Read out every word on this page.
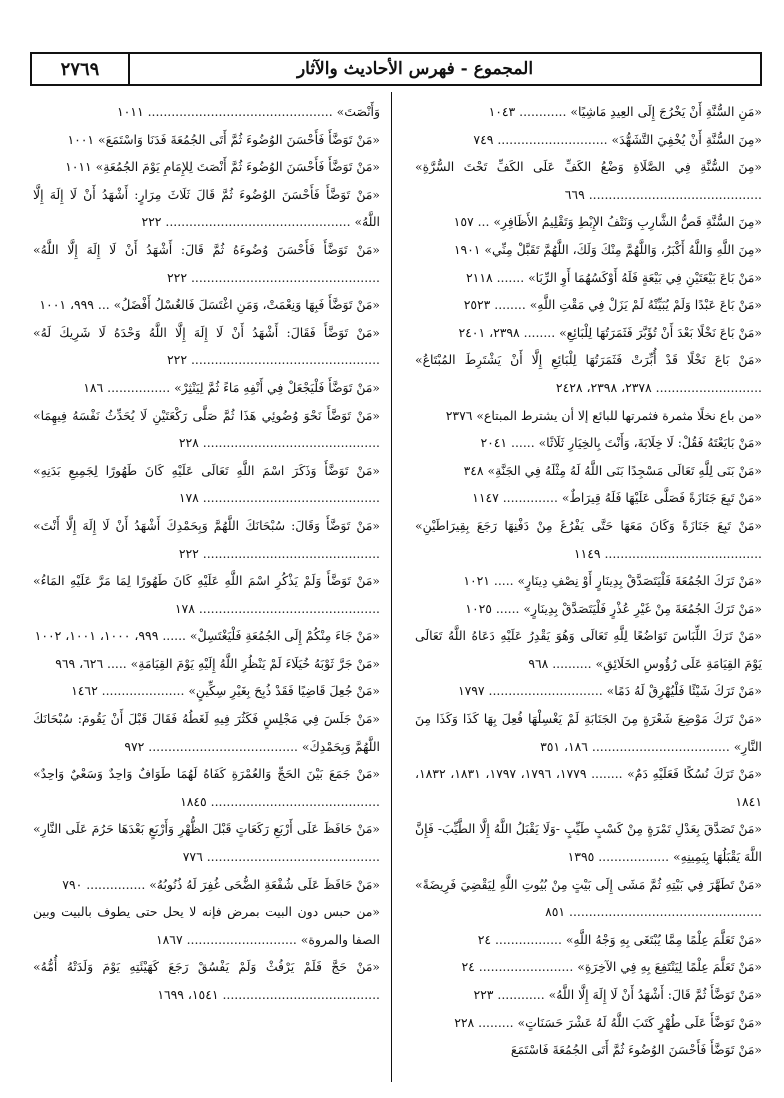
المجموع - فهرس الأحاديث والآثار
٢٧٦٩

«مَنِ السُّنَّةِ أَنْ يَخْرُجَ إِلَى العِيدِ مَاشِيًا» ............ ١٠٤٣

«مِنَ السُّنَّةِ أَنْ يُخْفِيَ التَّشَهُّدَ» ............................ ٧٤٩

«مِنَ السُّنَّةِ فِي الصَّلَاةِ وَضْعُ الكَفِّ عَلَى الكَفِّ تَحْتَ السُّرَّةِ» ............................................ ٦٦٩

«مِنَ السُّنَّةِ قَصُّ الشَّارِبِ وَنَتْفُ الإِبْطِ وَتَقْلِيمُ الأَظَافِرِ» ... ١٥٧

«مِنَ اللَّهِ وَاللَّهُ أَكْبَرُ، وَاللَّهُمَّ مِنْكَ وَلَكَ، اللَّهُمَّ تَقَبَّلْ مِنِّي» ١٩٠١

«مَنْ بَاعَ بَيْعَتَيْنِ فِي بَيْعَةٍ فَلَهُ أَوْكَسُهُمَا أَوِ الرِّبَا» ....... ٢١١٨

«مَنْ بَاعَ عَبْدًا وَلَمْ يُبَيِّنْهُ لَمْ يَزَلْ فِي مَقْتِ اللَّهِ» ........ ٢٥٢٣

«مَنْ بَاعَ نَخْلًا بَعْدَ أَنْ تُؤَبَّرَ فَثَمَرَتُهَا لِلْبَائِعِ» ........ ٢٣٩٨، ٢٤٠١

«مَنْ بَاعَ نَخْلًا قَدْ أُبِّرَتْ فَثَمَرَتُهَا لِلْبَائِعِ إِلَّا أَنْ يَشْتَرِطَ المُبْتَاعُ» ........................... ٢٣٧٨، ٢٣٩٨، ٢٤٢٨

«من باع نخلًا مثمرة فثمرتها للبائع إلا أن يشترط المبتاع» ٢٣٧٦

«مَنْ بَايَعْتَهُ فَقُلْ: لَا خِلَابَةَ، وَأَنْتَ بِالخِيَارِ ثَلَاثًا» ...... ٢٠٤١

«مَنْ بَنَى لِلَّهِ تَعَالَى مَسْجِدًا بَنَى اللَّهُ لَهُ مِثْلَهُ فِي الجَنَّةِ» ٣٤٨

«مَنْ تَبِعَ جَنَازَةً فَصَلَّى عَلَيْهَا فَلَهُ قِيرَاطٌ» .............. ١١٤٧

«مَنْ تَبِعَ جَنَازَةً وَكَانَ مَعَهَا حَتَّى يَفْرُغَ مِنْ دَفْنِهَا رَجَعَ بِقِيرَاطَيْنِ» ........................................ ١١٤٩

«مَنْ تَرَكَ الجُمُعَةَ فَلْيَتَصَدَّقْ بِدِينَارٍ أَوْ نِصْفِ دِينَارٍ» ..... ١٠٢١

«مَنْ تَرَكَ الجُمُعَةَ مِنْ غَيْرِ عُذْرٍ فَلْيَتَصَدَّقْ بِدِينَارٍ» ...... ١٠٢٥

«مَنْ تَرَكَ اللِّبَاسَ تَوَاضُعًا لِلَّهِ تَعَالَى وَهُوَ يَقْدِرُ عَلَيْهِ دَعَاهُ اللَّهُ تَعَالَى يَوْمَ القِيَامَةِ عَلَى رُؤُوسِ الخَلَائِقِ» .......... ٩٦٨

«مَنْ تَرَكَ شَيْئًا فَلْيُهْرِقْ لَهُ دَمًا» ............................. ١٧٩٧

«مَنْ تَرَكَ مَوْضِعَ شَعْرَةٍ مِنَ الجَنَابَةِ لَمْ يَغْسِلْهَا فُعِلَ بِهَا كَذَا وَكَذَا مِنَ النَّارِ» ................................... ١٨٦، ٣٥١

«مَنْ تَرَكَ نُسُكًا فَعَلَيْهِ دَمٌ» ........ ١٧٧٩، ١٧٩٦، ١٧٩٧، ١٨٣١، ١٨٣٢، ١٨٤١

«مَنْ تَصَدَّقَ بِعَدْلِ تَمْرَةٍ مِنْ كَسْبٍ طَيِّبٍ -وَلَا يَقْبَلُ اللَّهُ إِلَّا الطَّيِّبَ- فَإِنَّ اللَّهَ يَقْبَلُهَا بِيَمِينِهِ» .................. ١٣٩٥

«مَنْ تَطَهَّرَ فِي بَيْتِهِ ثُمَّ مَشَى إِلَى بَيْتٍ مِنْ بُيُوتِ اللَّهِ لِيَقْضِيَ فَرِيضَةً» ................................................. ٨٥١

«مَنْ تَعَلَّمَ عِلْمًا مِمَّا يُبْتَغَى بِهِ وَجْهُ اللَّهِ» ................. ٢٤

«مَنْ تَعَلَّمَ عِلْمًا لِيَنْتَفِعَ بِهِ فِي الآخِرَةِ» ........................ ٢٤

«مَنْ تَوَضَّأَ ثُمَّ قَالَ: أَشْهَدُ أَنْ لَا إِلَهَ إِلَّا اللَّهُ» ............ ٢٢٣

«مَنْ تَوَضَّأَ عَلَى طُهْرٍ كَتَبَ اللَّهُ لَهُ عَشْرَ حَسَنَاتٍ» ......... ٢٢٨

«مَنْ تَوَضَّأَ فَأَحْسَنَ الوُضُوءَ ثُمَّ أَتَى الجُمُعَةَ فَاسْتَمَعَ

وَأَنْصَتَ» ............................................... ١٠١١

«مَنْ تَوَضَّأَ فَأَحْسَنَ الوُضُوءَ ثُمَّ أَتَى الجُمُعَةَ فَدَنَا وَاسْتَمَعَ» ١٠٠١

«مَنْ تَوَضَّأَ فَأَحْسَنَ الوُضُوءَ ثُمَّ أَنْصَتَ لِلإِمَامِ يَوْمَ الجُمُعَةِ» ١٠١١

«مَنْ تَوَضَّأَ فَأَحْسَنَ الوُضُوءَ ثُمَّ قَالَ ثَلَاثَ مِرَارٍ: أَشْهَدُ أَنْ لَا إِلَهَ إِلَّا اللَّهُ» ............................................... ٢٢٢

«مَنْ تَوَضَّأَ فَأَحْسَنَ وُضُوءَهُ ثُمَّ قَالَ: أَشْهَدُ أَنْ لَا إِلَهَ إِلَّا اللَّهُ» ................................................ ٢٢٢

«مَنْ تَوَضَّأَ فَبِهَا وَنِعْمَتْ، وَمَنِ اغْتَسَلَ فَالغُسْلُ أَفْضَلُ» ... ٩٩٩، ١٠٠١

«مَنْ تَوَضَّأَ فَقَالَ: أَشْهَدُ أَنْ لَا إِلَهَ إِلَّا اللَّهُ وَحْدَهُ لَا شَرِيكَ لَهُ» ................................................ ٢٢٢

«مَنْ تَوَضَّأَ فَلْيَجْعَلْ فِي أَنْفِهِ مَاءً ثُمَّ لِيَنْثِرْ» ................ ١٨٦

«مَنْ تَوَضَّأَ نَحْوَ وُضُوئِي هَذَا ثُمَّ صَلَّى رَكْعَتَيْنِ لَا يُحَدِّثُ نَفْسَهُ فِيهِمَا» ............................................. ٢٢٨

«مَنْ تَوَضَّأَ وَذَكَرَ اسْمَ اللَّهِ تَعَالَى عَلَيْهِ كَانَ طَهُورًا لِجَمِيعِ بَدَنِهِ» ............................................. ١٧٨

«مَنْ تَوَضَّأَ وَقَالَ: سُبْحَانَكَ اللَّهُمَّ وَبِحَمْدِكَ أَشْهَدُ أَنْ لَا إِلَهَ إِلَّا أَنْتَ» ............................................. ٢٢٢

«مَنْ تَوَضَّأَ وَلَمْ يَذْكُرِ اسْمَ اللَّهِ عَلَيْهِ كَانَ طَهُورًا لِمَا مَرَّ عَلَيْهِ المَاءُ» .............................................. ١٧٨

«مَنْ جَاءَ مِنْكُمْ إِلَى الجُمُعَةِ فَلْيَغْتَسِلْ» ...... ٩٩٩، ١٠٠٠، ١٠٠١، ١٠٠٢

«مَنْ جَرَّ ثَوْبَهُ خُيَلَاءَ لَمْ يَنْظُرِ اللَّهُ إِلَيْهِ يَوْمَ القِيَامَةِ» ..... ٦٢٦، ٩٦٩

«مَنْ جُعِلَ قَاضِيًا فَقَدْ ذُبِحَ بِغَيْرِ سِكِّينٍ» ..................... ١٤٦٢

«مَنْ جَلَسَ فِي مَجْلِسٍ فَكَثُرَ فِيهِ لَغَطُهُ فَقَالَ قَبْلَ أَنْ يَقُومَ: سُبْحَانَكَ اللَّهُمَّ وَبِحَمْدِكَ» ...................................... ٩٧٢

«مَنْ جَمَعَ بَيْنَ الحَجِّ وَالعُمْرَةِ كَفَاهُ لَهُمَا طَوَافٌ وَاحِدٌ وَسَعْيٌ وَاحِدٌ» ........................................... ١٨٤٥

«مَنْ حَافَظَ عَلَى أَرْبَعِ رَكَعَاتٍ قَبْلَ الظُّهْرِ وَأَرْبَعٍ بَعْدَهَا حَرُمَ عَلَى النَّارِ» ............................................ ٧٧٦

«مَنْ حَافَظَ عَلَى شُفْعَةِ الضُّحَى غُفِرَ لَهُ ذُنُوبُهُ» ............... ٧٩٠

«من حبس دون البيت بمرض فإنه لا يحل حتى يطوف بالبيت وبين الصفا والمروة» ............................ ١٨٦٧

«مَنْ حَجَّ فَلَمْ يَرْفُثْ وَلَمْ يَفْسُقْ رَجَعَ كَهَيْئَتِهِ يَوْمَ وَلَدَتْهُ أُمُّهُ» ........................................ ١٥٤١، ١٦٩٩
